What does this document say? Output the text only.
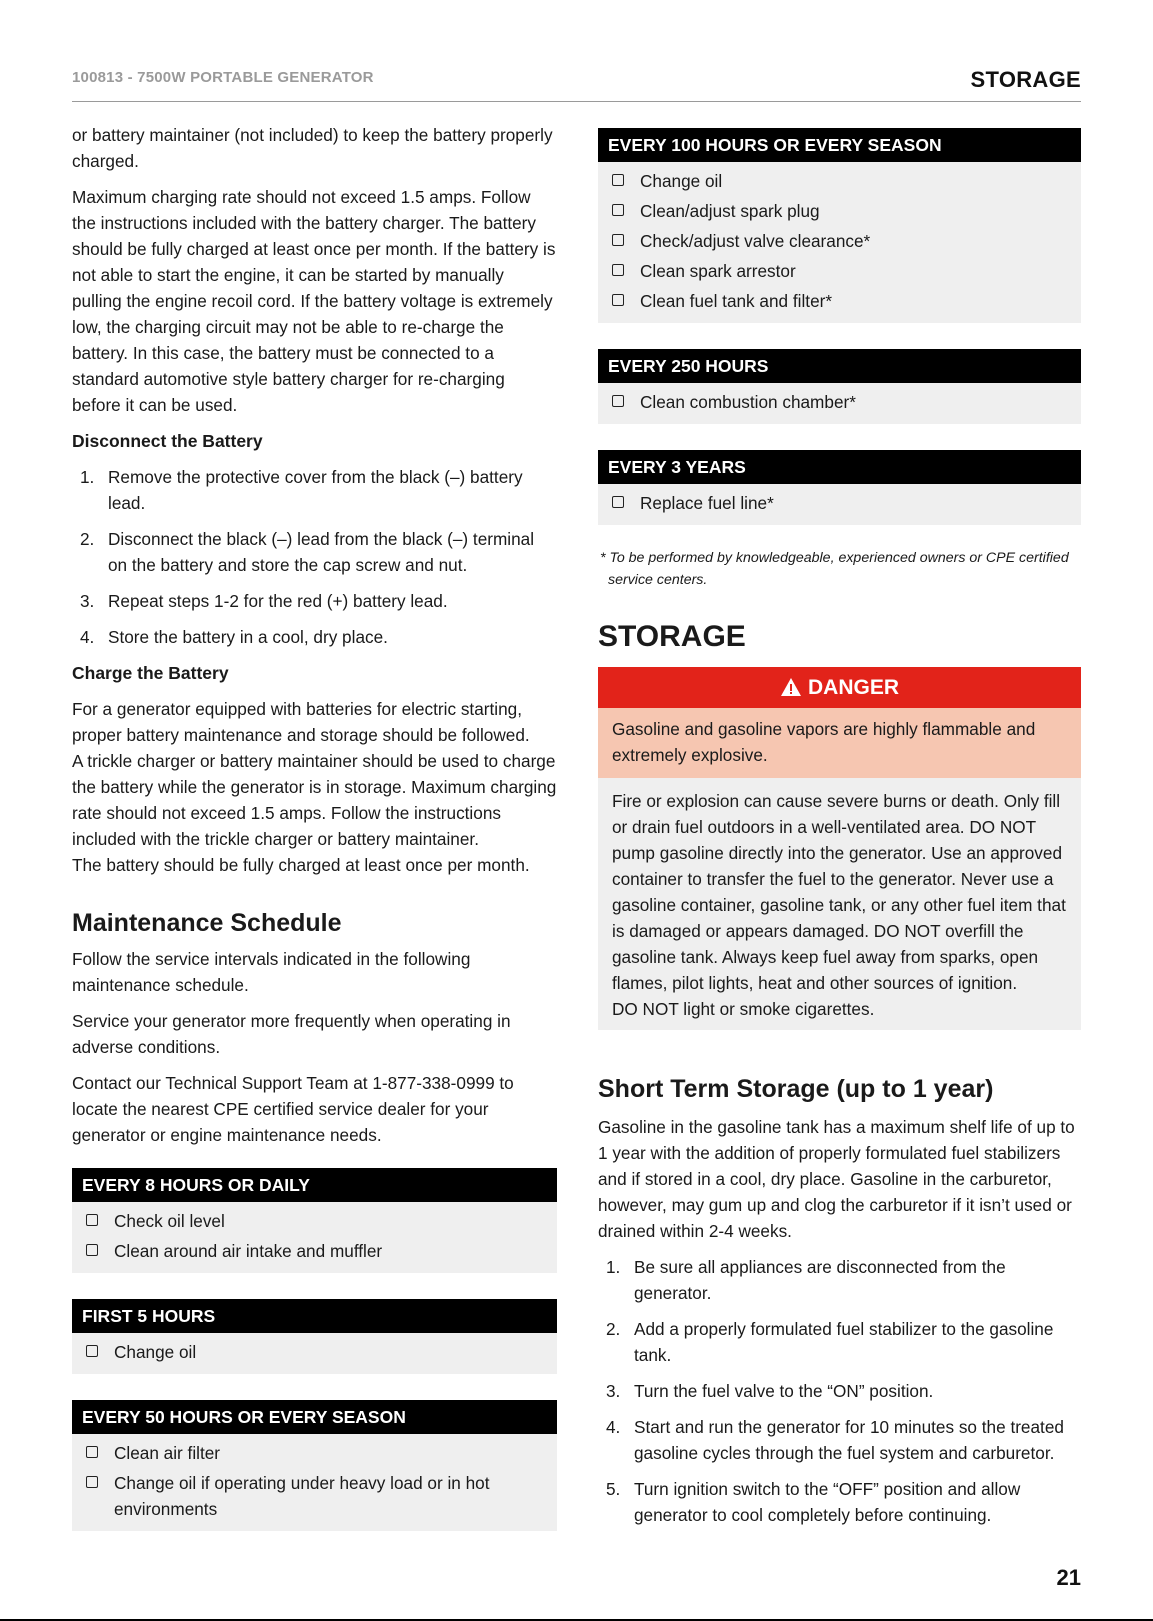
100813 - 7500W PORTABLE GENERATOR	STORAGE

or battery maintainer (not included) to keep the battery properly charged.

Maximum charging rate should not exceed 1.5 amps. Follow the instructions included with the battery charger. The battery should be fully charged at least once per month. If the battery is not able to start the engine, it can be started by manually pulling the engine recoil cord. If the battery voltage is extremely low, the charging circuit may not be able to re-charge the battery. In this case, the battery must be connected to a standard automotive style battery charger for re-charging before it can be used.

Disconnect the Battery
1. Remove the protective cover from the black (–) battery lead.
2. Disconnect the black (–) lead from the black (–) terminal on the battery and store the cap screw and nut.
3. Repeat steps 1-2 for the red (+) battery lead.
4. Store the battery in a cool, dry place.
Charge the Battery

For a generator equipped with batteries for electric starting, proper battery maintenance and storage should be followed.

A trickle charger or battery maintainer should be used to charge the battery while the generator is in storage. Maximum charging rate should not exceed 1.5 amps. Follow the instructions included with the trickle charger or battery maintainer.

The battery should be fully charged at least once per month.

Maintenance Schedule

Follow the service intervals indicated in the following maintenance schedule.

Service your generator more frequently when operating in adverse conditions.

Contact our Technical Support Team at 1-877-338-0999 to locate the nearest CPE certified service dealer for your generator or engine maintenance needs.

EVERY 8 HOURS OR DAILY
Check oil level
Clean around air intake and muffler
FIRST 5 HOURS
Change oil
EVERY 50 HOURS OR EVERY SEASON
Clean air filter
Change oil if operating under heavy load or in hot environments
EVERY 100 HOURS OR EVERY SEASON
Change oil
Clean/adjust spark plug
Check/adjust valve clearance*
Clean spark arrestor
Clean fuel tank and filter*
EVERY 250 HOURS
Clean combustion chamber*
EVERY 3 YEARS
Replace fuel line*
* To be performed by knowledgeable, experienced owners or CPE certified service centers.
STORAGE
DANGER

Gasoline and gasoline vapors are highly flammable and extremely explosive.

Fire or explosion can cause severe burns or death. Only fill or drain fuel outdoors in a well-ventilated area. DO NOT pump gasoline directly into the generator. Use an approved container to transfer the fuel to the generator. Never use a gasoline container, gasoline tank, or any other fuel item that is damaged or appears damaged. DO NOT overfill the gasoline tank. Always keep fuel away from sparks, open flames, pilot lights, heat and other sources of ignition.

DO NOT light or smoke cigarettes.

Short Term Storage (up to 1 year)

Gasoline in the gasoline tank has a maximum shelf life of up to 1 year with the addition of properly formulated fuel stabilizers and if stored in a cool, dry place. Gasoline in the carburetor, however, may gum up and clog the carburetor if it isn’t used or drained within 2-4 weeks.

1. Be sure all appliances are disconnected from the generator.
2. Add a properly formulated fuel stabilizer to the gasoline tank.
3. Turn the fuel valve to the “ON” position.
4. Start and run the generator for 10 minutes so the treated gasoline cycles through the fuel system and carburetor.
5. Turn ignition switch to the “OFF” position and allow generator to cool completely before continuing.
21
